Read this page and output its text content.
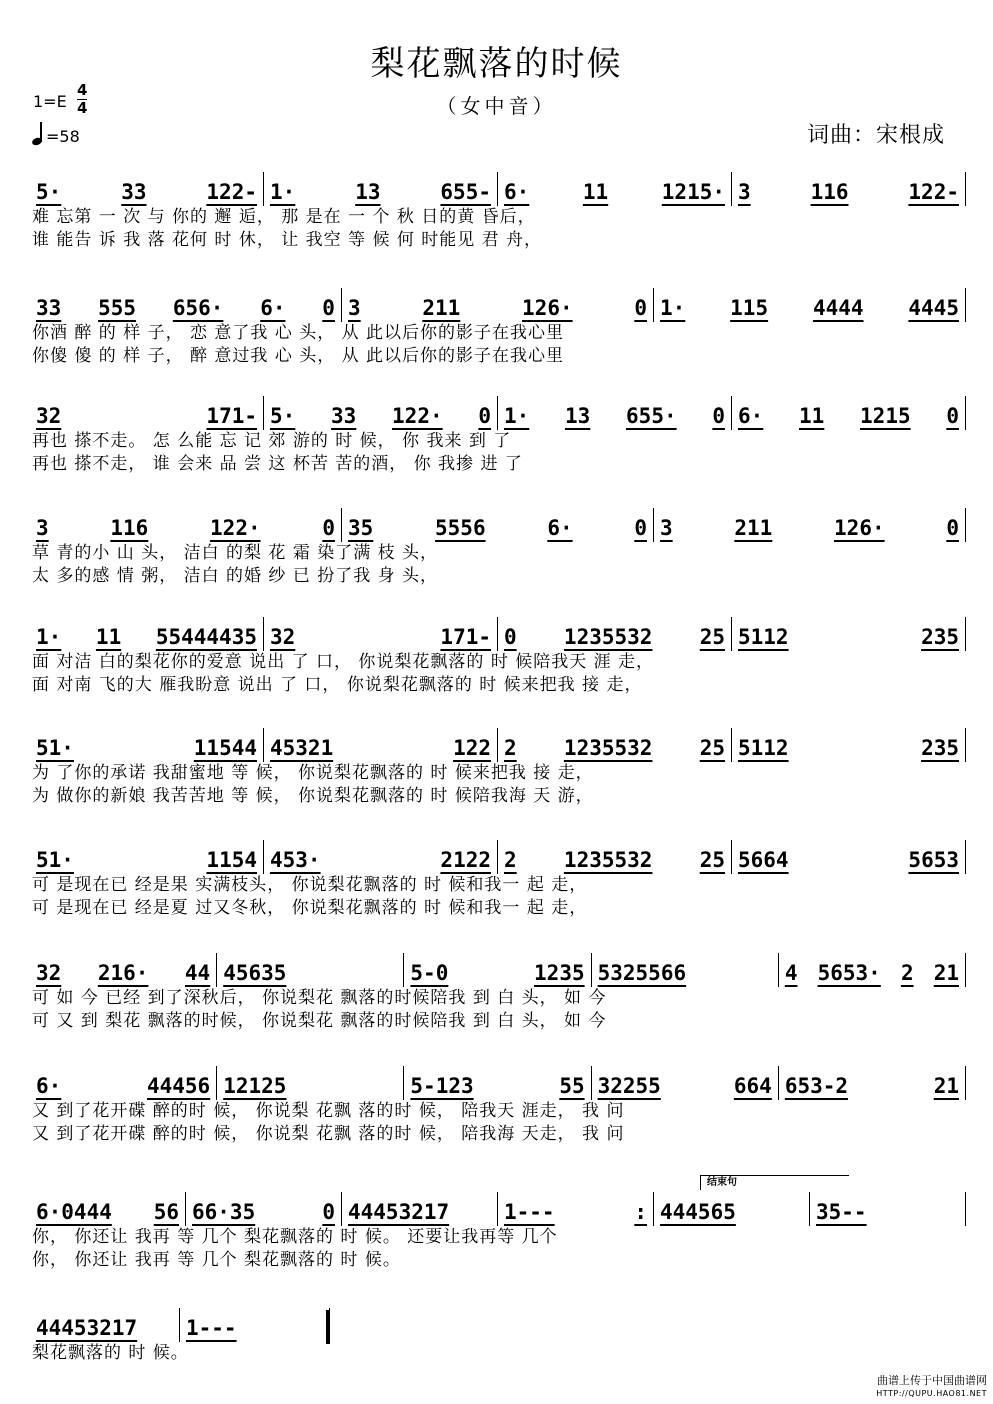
梨花飘落的时候
（女中音）
1=E
4
4
=58	词曲：宋根成
5·	33	122- 1·	13	655- 6·	11	1215· 3	116	122-
难 忘第 一 次 与 你的 邂 逅， 那 是在 一 个 秋 日的黄 昏后，
谁 能告 诉 我 落 花何 时 休， 让 我空 等 候 何 时能见 君 舟，
33 555 656· 6· 0 3	211	126·	0 1· 115 4444 4445
你酒 醉 的 样 子， 恋 意了我 心 头， 从 此以后你的影子在我心里
你傻 傻 的 样 子， 醉 意过我 心 头， 从 此以后你的影子在我心里
32	171- 5· 33 122· 0 1· 13 655· 0 6· 11 1215 0
再也 搽不走。 怎 么能 忘 记 郊 游的 时 候， 你 我来 到 了
再也 搽不走， 谁 会来 品 尝 这 杯苦 苦的酒， 你 我掺 进 了
3	116	122·	0 35	5556	6·	0 3	211	126·	0
草 青的小 山 头， 洁白 的梨 花 霜 染了满 枝 头，
太 多的感 情 粥， 洁白 的婚 纱 已 扮了我 身 头，
1· 11 55444435 32	171- 0 1235532 25 5112	235
面 对洁 白的梨花你的爱意 说出 了 口， 你说梨花飘落的 时 候陪我天 涯 走，
面 对南 飞的大 雁我盼意 说出 了 口， 你说梨花飘落的 时 候来把我 接 走，
51·	11544 45321	122 2 1235532 25 5112	235
为 了你的承诺 我甜蜜地 等 候， 你说梨花飘落的 时 候来把我 接 走，
为 做你的新娘 我苦苦地 等 候， 你说梨花飘落的 时 候陪我海 天 游，
51·	1154 453·	2122 2 1235532 25 5664	5653
可 是现在已 经是果 实满枝头， 你说梨花飘落的 时 候和我一 起 走，
可 是现在已 经是夏 过又冬秋， 你说梨花飘落的 时 候和我一 起 走，
32 216· 44 45635	5-0	1235 5325566	4 5653· 2 21
可 如 今 已经 到了深秋后， 你说梨花 飘落的时候陪我 到 白 头， 如 今
可 又 到 梨花 飘落的时候， 你说梨花 飘落的时候陪我 到 白 头， 如 今
6·	44456 12125	5-123	55 32255	664 653-2	21
又 到了花开碟 醉的时 候， 你说梨 花飘 落的时 候， 陪我天 涯走， 我 问
又 到了花开碟 醉的时 候， 你说梨 花飘 落的时 候， 陪我海 天走， 我 问
6·0444 56 66·35	0 44453217	1---	: 444565	35--
你， 你还让 我再 等 几个 梨花飘落的 时 候。 还要让我再等 几个
你， 你还让 我再 等 几个 梨花飘落的 时 候。
44453217 1---
梨花飘落的 时 候。
结束句
曲谱上传于中国曲谱网
HTTP://QUPU.HAO81.NET
